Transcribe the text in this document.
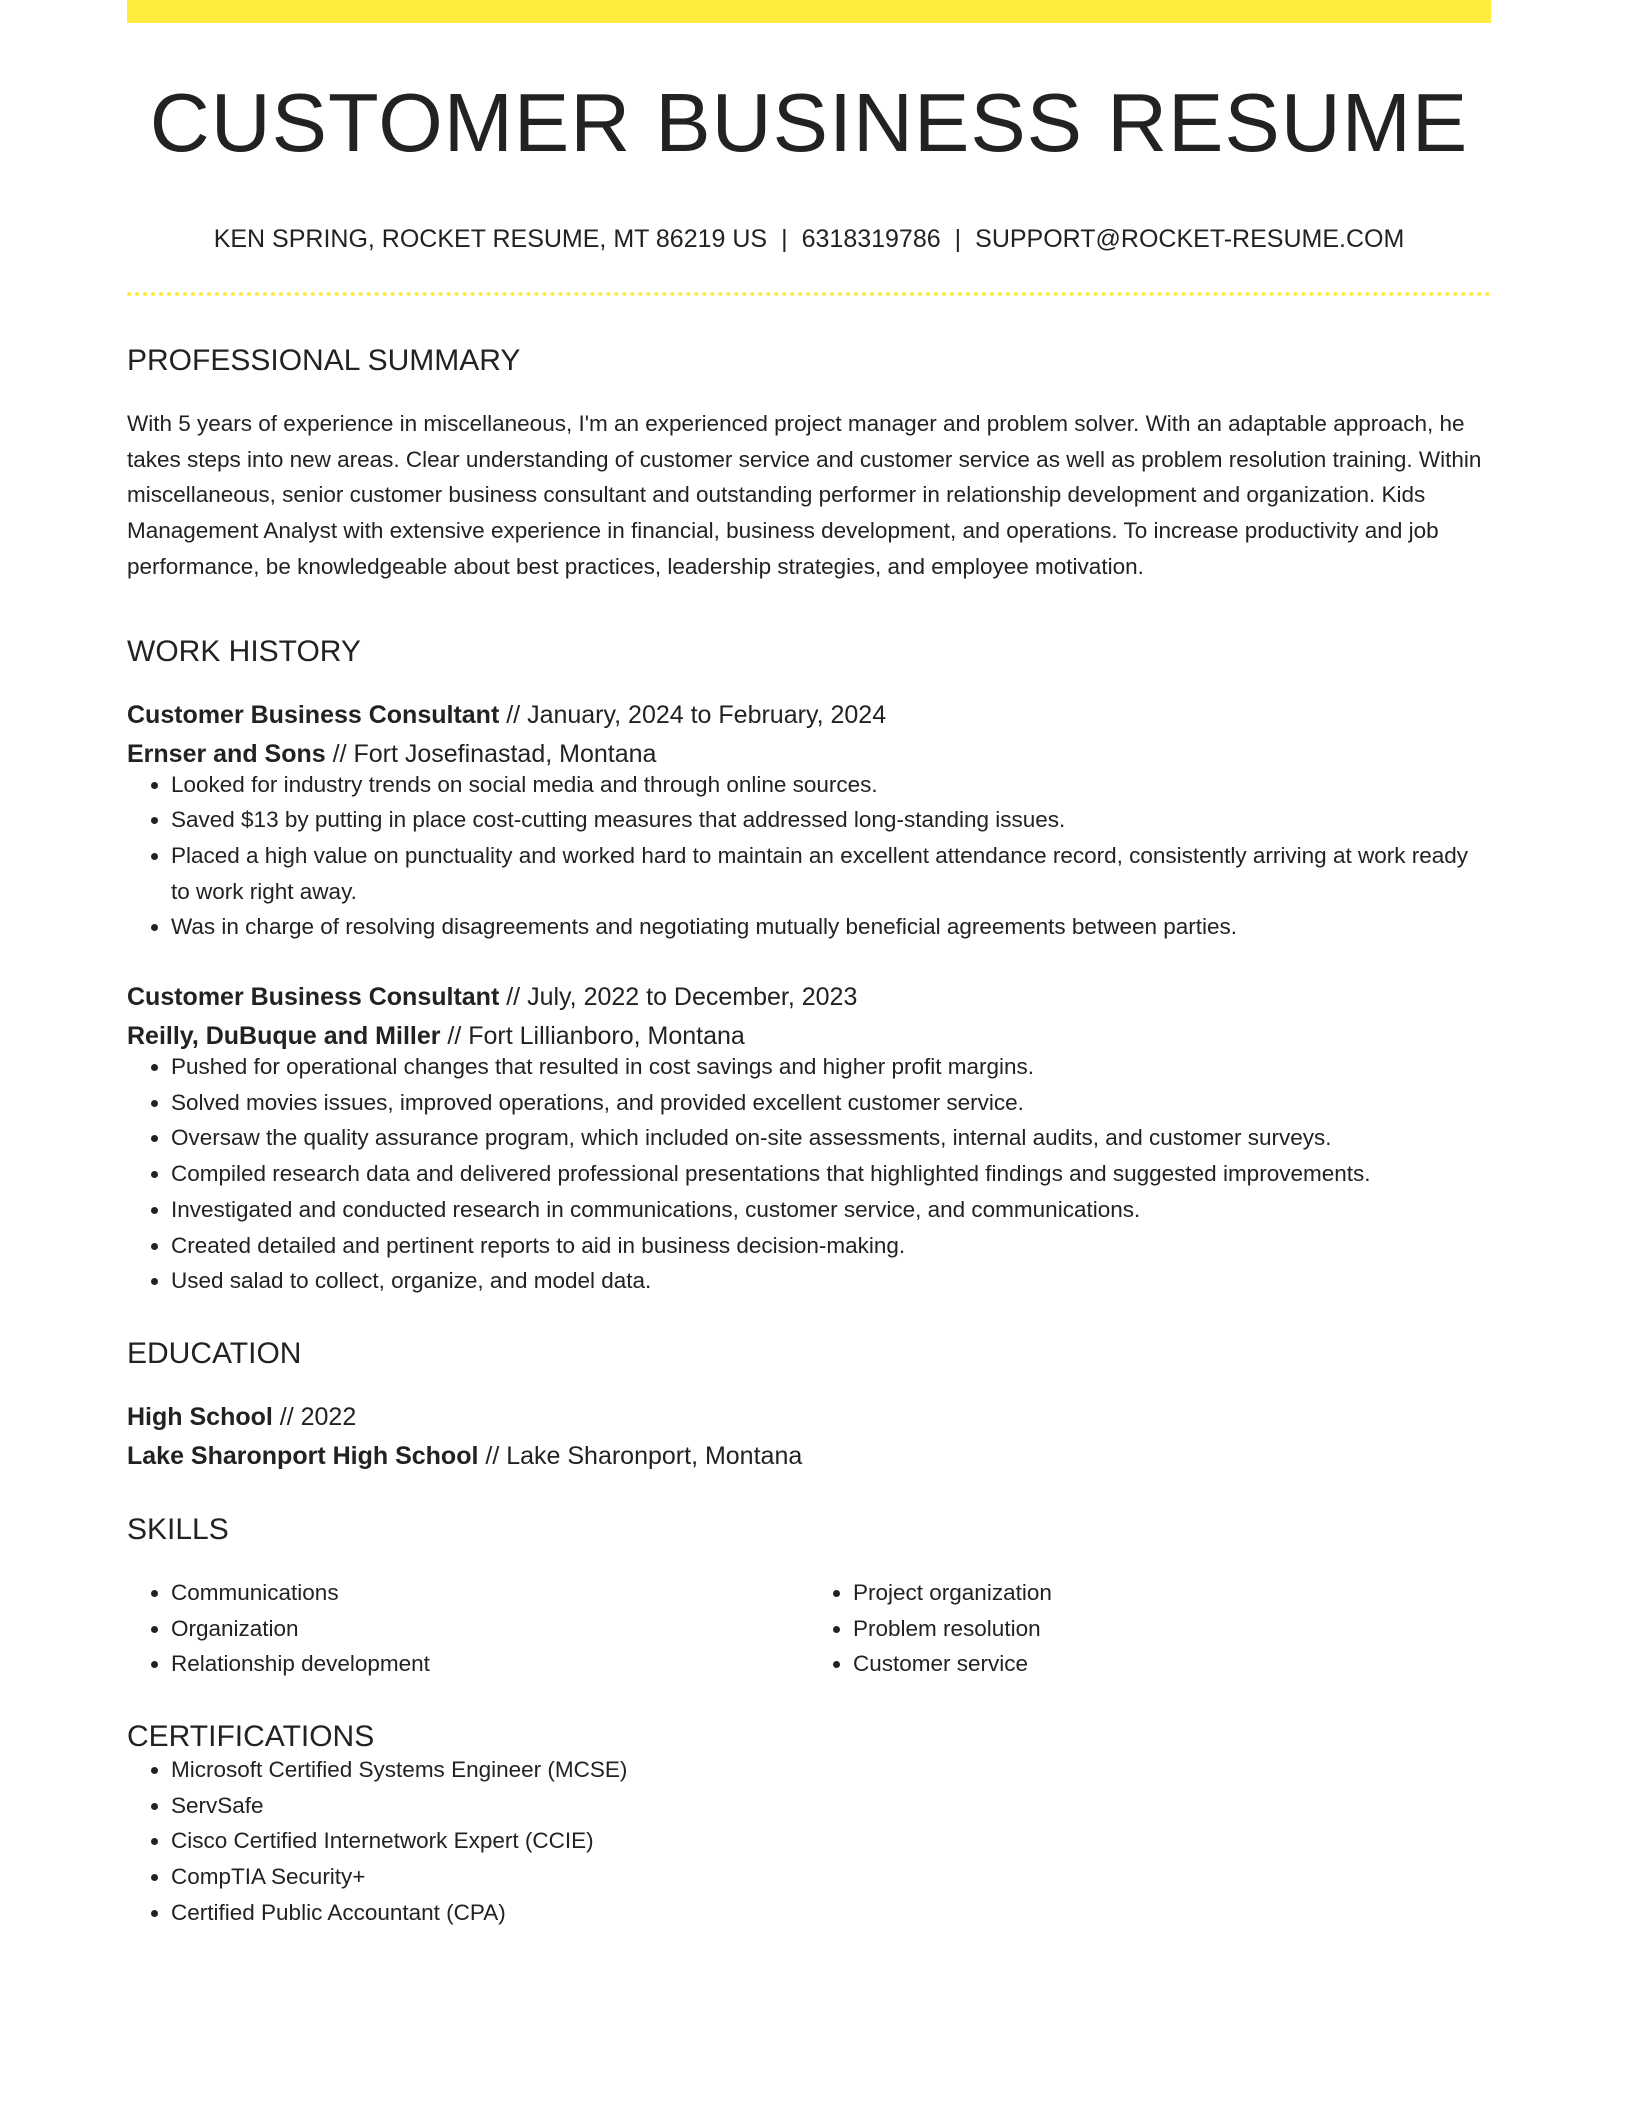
CUSTOMER BUSINESS RESUME
KEN SPRING, ROCKET RESUME, MT 86219 US | 6318319786 | SUPPORT@ROCKET-RESUME.COM
PROFESSIONAL SUMMARY

With 5 years of experience in miscellaneous, I'm an experienced project manager and problem solver. With an adaptable approach, he takes steps into new areas. Clear understanding of customer service and customer service as well as problem resolution training. Within miscellaneous, senior customer business consultant and outstanding performer in relationship development and organization. Kids Management Analyst with extensive experience in financial, business development, and operations. To increase productivity and job performance, be knowledgeable about best practices, leadership strategies, and employee motivation.

WORK HISTORY
Customer Business Consultant // January, 2024 to February, 2024
Ernser and Sons // Fort Josefinastad, Montana
• Looked for industry trends on social media and through online sources.
• Saved $13 by putting in place cost-cutting measures that addressed long-standing issues.
• Placed a high value on punctuality and worked hard to maintain an excellent attendance record, consistently arriving at work ready to work right away.
• Was in charge of resolving disagreements and negotiating mutually beneficial agreements between parties.
Customer Business Consultant // July, 2022 to December, 2023
Reilly, DuBuque and Miller // Fort Lillianboro, Montana
• Pushed for operational changes that resulted in cost savings and higher profit margins.
• Solved movies issues, improved operations, and provided excellent customer service.
• Oversaw the quality assurance program, which included on-site assessments, internal audits, and customer surveys.
• Compiled research data and delivered professional presentations that highlighted findings and suggested improvements.
• Investigated and conducted research in communications, customer service, and communications.
• Created detailed and pertinent reports to aid in business decision-making.
• Used salad to collect, organize, and model data.
EDUCATION
High School // 2022
Lake Sharonport High School // Lake Sharonport, Montana
SKILLS
• Communications
• Organization
• Relationship development
• Project organization
• Problem resolution
• Customer service
CERTIFICATIONS
• Microsoft Certified Systems Engineer (MCSE)
• ServSafe
• Cisco Certified Internetwork Expert (CCIE)
• CompTIA Security+
• Certified Public Accountant (CPA)
